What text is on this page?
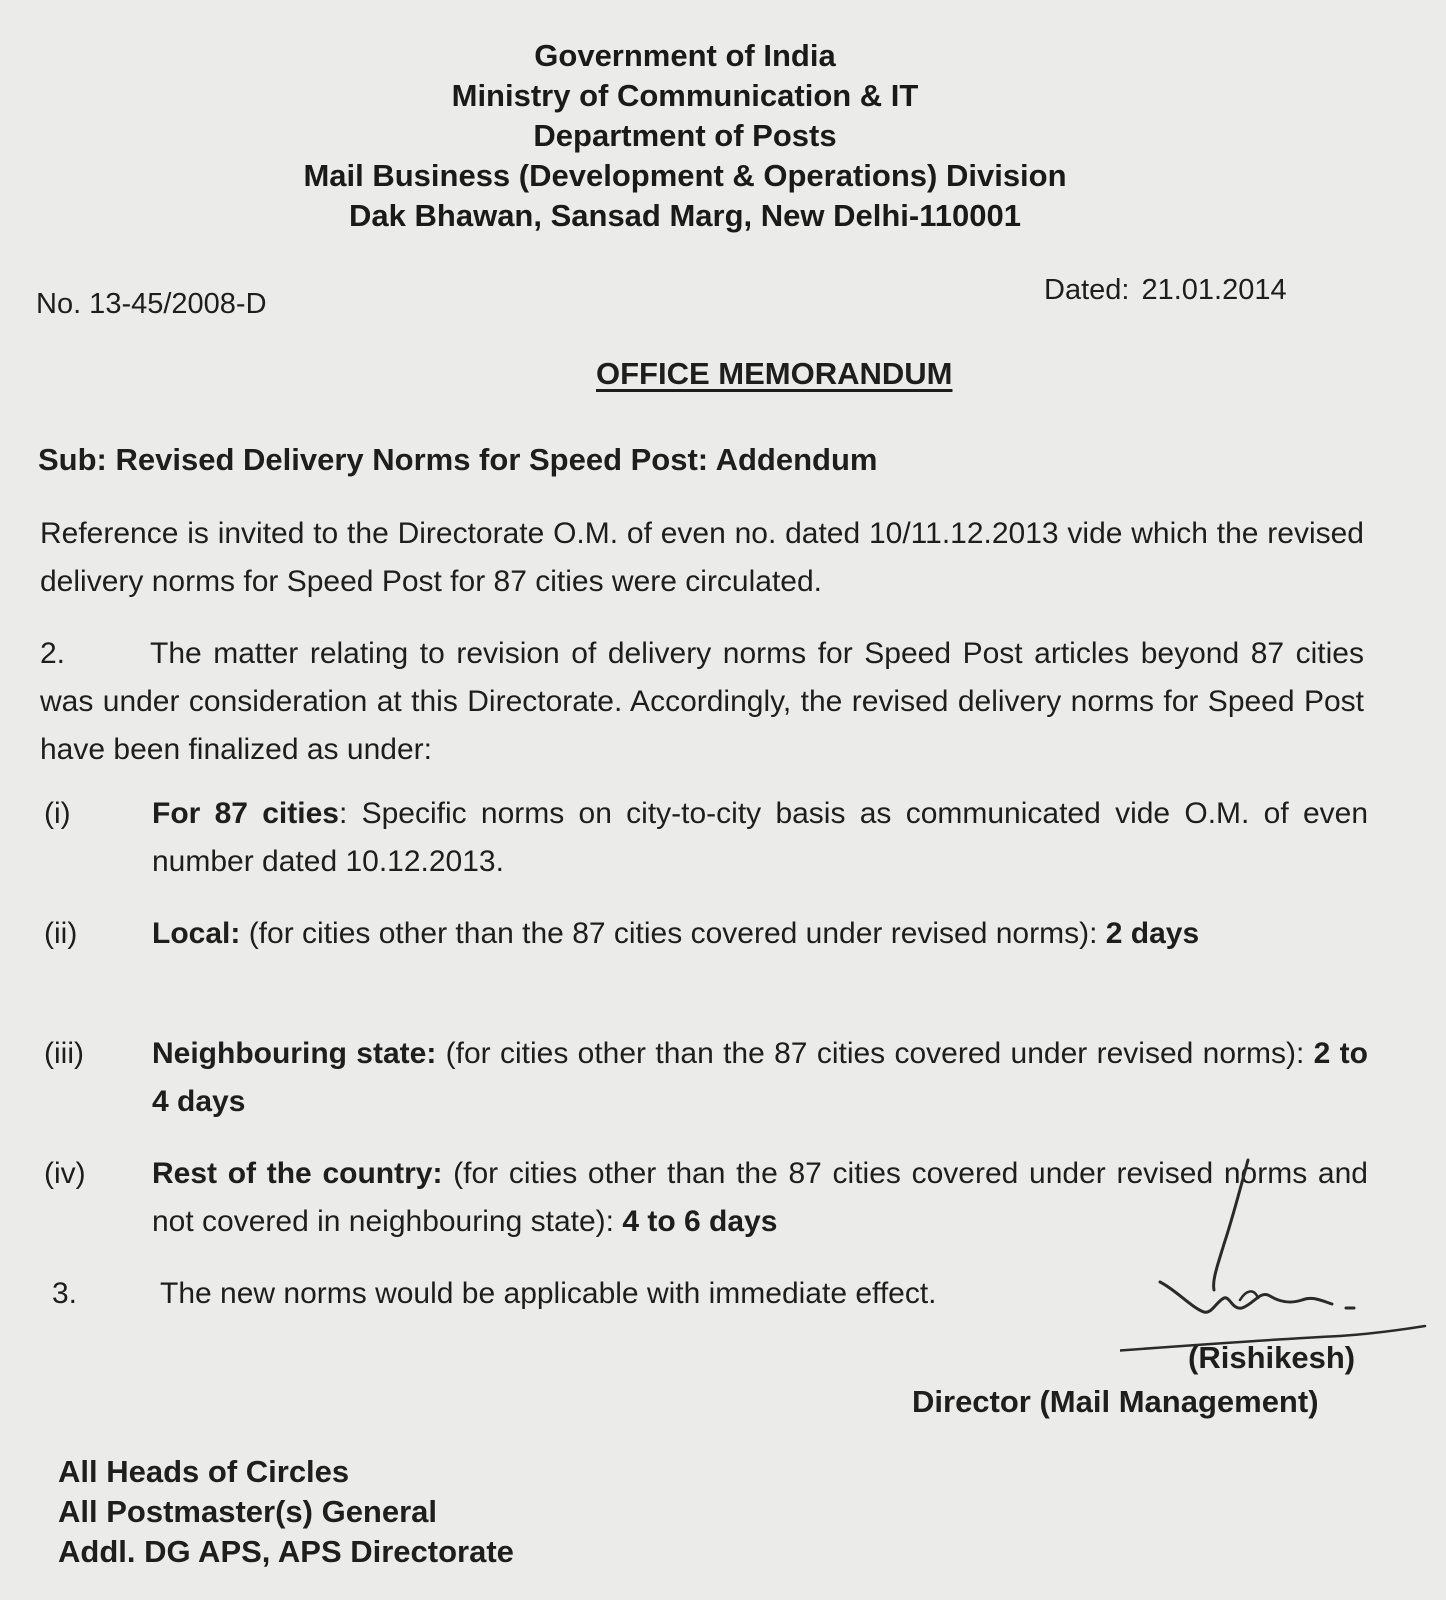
Government of India
Ministry of Communication & IT
Department of Posts
Mail Business (Development & Operations) Division
Dak Bhawan, Sansad Marg, New Delhi-110001
No. 13-45/2008-D	Dated: 21.01.2014
OFFICE MEMORANDUM
Sub: Revised Delivery Norms for Speed Post: Addendum
Reference is invited to the Directorate O.M. of even no. dated 10/11.12.2013 vide which the revised delivery norms for Speed Post for 87 cities were circulated.
2.	The matter relating to revision of delivery norms for Speed Post articles beyond 87 cities was under consideration at this Directorate. Accordingly, the revised delivery norms for Speed Post have been finalized as under:
(i)	For 87 cities: Specific norms on city-to-city basis as communicated vide O.M. of even number dated 10.12.2013.
(ii)	Local: (for cities other than the 87 cities covered under revised norms): 2 days
(iii)	Neighbouring state: (for cities other than the 87 cities covered under revised norms): 2 to 4 days
(iv)	Rest of the country: (for cities other than the 87 cities covered under revised norms and not covered in neighbouring state): 4 to 6 days
3.	The new norms would be applicable with immediate effect.
(Rishikesh)
Director (Mail Management)
All Heads of Circles
All Postmaster(s) General
Addl. DG APS, APS Directorate
